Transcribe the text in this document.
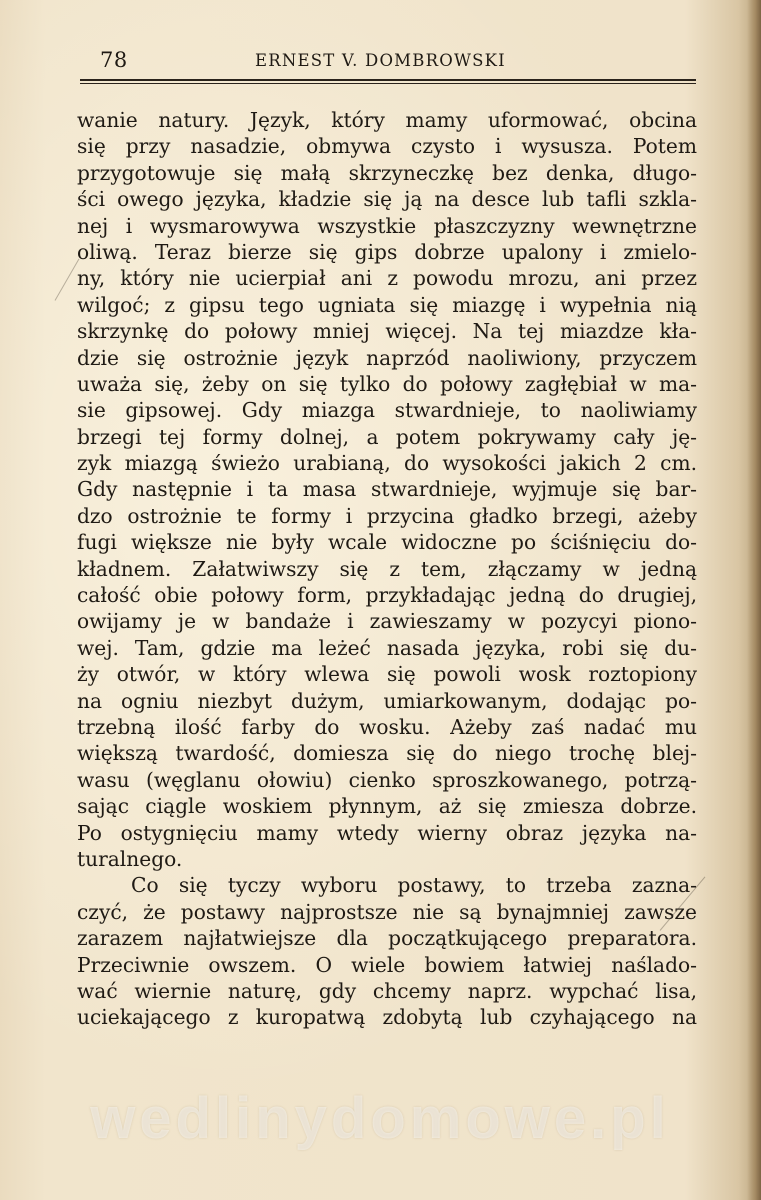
78	ERNEST V. DOMBROWSKI
wanie natury. Język, który mamy uformować, obcina
się przy nasadzie, obmywa czysto i wysusza. Potem
przygotowuje się małą skrzyneczkę bez denka, długo-
ści owego języka, kładzie się ją na desce lub tafli szkla-
nej i wysmarowywa wszystkie płaszczyzny wewnętrzne
oliwą. Teraz bierze się gips dobrze upalony i zmielo-
ny, który nie ucierpiał ani z powodu mrozu, ani przez
wilgoć; z gipsu tego ugniata się miazgę i wypełnia nią
skrzynkę do połowy mniej więcej. Na tej miazdze kła-
dzie się ostrożnie język naprzód naoliwiony, przyczem
uważa się, żeby on się tylko do połowy zagłębiał w ma-
sie gipsowej. Gdy miazga stwardnieje, to naoliwiamy
brzegi tej formy dolnej, a potem pokrywamy cały ję-
zyk miazgą świeżo urabianą, do wysokości jakich 2 cm.
Gdy następnie i ta masa stwardnieje, wyjmuje się bar-
dzo ostrożnie te formy i przycina gładko brzegi, ażeby
fugi większe nie były wcale widoczne po ściśnięciu do-
kładnem. Załatwiwszy się z tem, złączamy w jedną
całość obie połowy form, przykładając jedną do drugiej,
owijamy je w bandaże i zawieszamy w pozycyi piono-
wej. Tam, gdzie ma leżeć nasada języka, robi się du-
ży otwór, w który wlewa się powoli wosk roztopiony
na ogniu niezbyt dużym, umiarkowanym, dodając po-
trzebną ilość farby do wosku. Ażeby zaś nadać mu
większą twardość, domiesza się do niego trochę blej-
wasu (węglanu ołowiu) cienko sproszkowanego, potrzą-
sając ciągle woskiem płynnym, aż się zmiesza dobrze.
Po ostygnięciu mamy wtedy wierny obraz języka na-
turalnego.
Co się tyczy wyboru postawy, to trzeba zazna-
czyć, że postawy najprostsze nie są bynajmniej zawsze
zarazem najłatwiejsze dla początkującego preparatora.
Przeciwnie owszem. O wiele bowiem łatwiej naślado-
wać wiernie naturę, gdy chcemy naprz. wypchać lisa,
uciekającego z kuropatwą zdobytą lub czyhającego na
wedlinydomowe.pl
